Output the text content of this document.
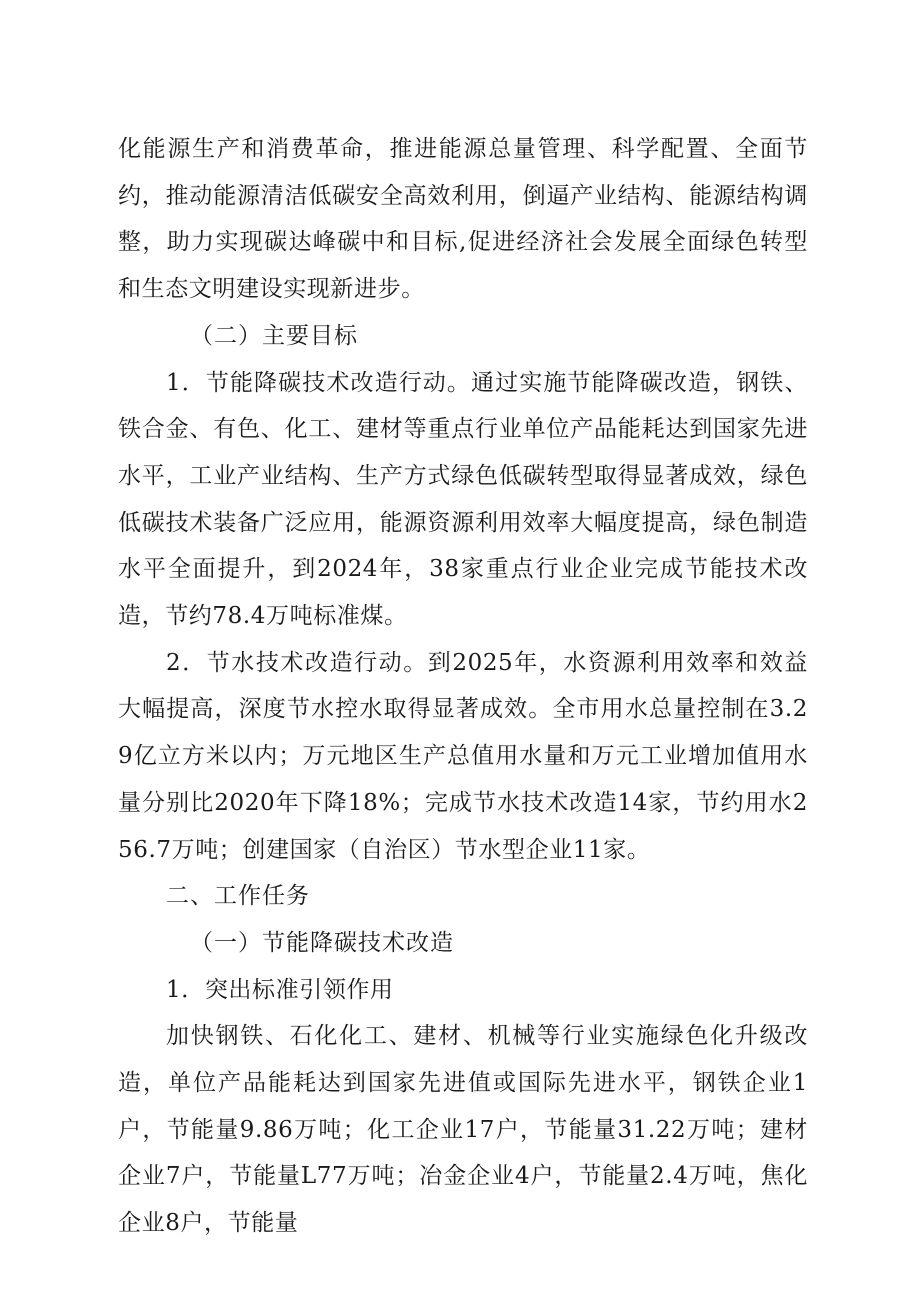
化能源生产和消费革命，推进能源总量管理、科学配置、全面节约，推动能源清洁低碳安全高效利用，倒逼产业结构、能源结构调整，助力实现碳达峰碳中和目标,促进经济社会发展全面绿色转型和生态文明建设实现新进步。

（二）主要目标

1．节能降碳技术改造行动。通过实施节能降碳改造，钢铁、铁合金、有色、化工、建材等重点行业单位产品能耗达到国家先进水平，工业产业结构、生产方式绿色低碳转型取得显著成效，绿色低碳技术装备广泛应用，能源资源利用效率大幅度提高，绿色制造水平全面提升，到2024年，38家重点行业企业完成节能技术改造，节约78.4万吨标准煤。

2．节水技术改造行动。到2025年，水资源利用效率和效益大幅提高，深度节水控水取得显著成效。全市用水总量控制在3.29亿立方米以内；万元地区生产总值用水量和万元工业增加值用水量分别比2020年下降18%；完成节水技术改造14家，节约用水256.7万吨；创建国家（自治区）节水型企业11家。

二、工作任务

（一）节能降碳技术改造

1．突出标准引领作用

加快钢铁、石化化工、建材、机械等行业实施绿色化升级改造，单位产品能耗达到国家先进值或国际先进水平，钢铁企业1户，节能量9.86万吨；化工企业17户，节能量31.22万吨；建材企业7户，节能量L77万吨；冶金企业4户，节能量2.4万吨，焦化企业8户，节能量
